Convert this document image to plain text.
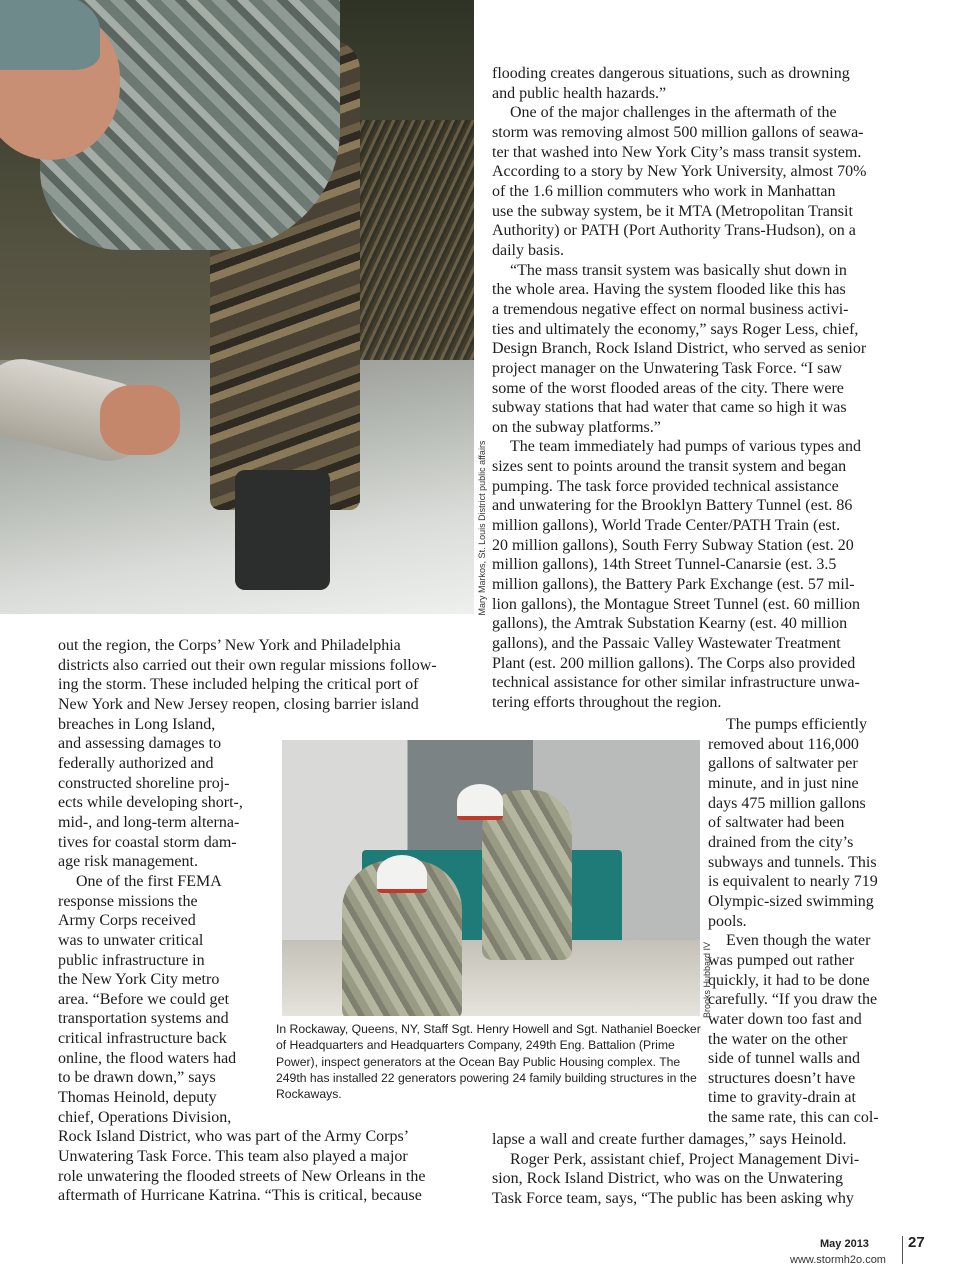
Mary Markos, St. Louis District public affairs
out the region, the Corps’ New York and Philadelphia
districts also carried out their own regular missions follow-
ing the storm. These included helping the critical port of
New York and New Jersey reopen, closing barrier island
breaches in Long Island,
and assessing damages to
federally authorized and
constructed shoreline proj-
ects while developing short-,
mid-, and long-term alterna-
tives for coastal storm dam-
age risk management.
One of the first FEMA
response missions the
Army Corps received
was to unwater critical
public infrastructure in
the New York City metro
area. “Before we could get
transportation systems and
critical infrastructure back
online, the flood waters had
to be drawn down,” says
Thomas Heinold, deputy
chief, Operations Division,
Rock Island District, who was part of the Army Corps’
Unwatering Task Force. This team also played a major
role unwatering the flooded streets of New Orleans in the
aftermath of Hurricane Katrina. “This is critical, because
flooding creates dangerous situations, such as drowning
and public health hazards.”
One of the major challenges in the aftermath of the
storm was removing almost 500 million gallons of seawa-
ter that washed into New York City’s mass transit system.
According to a story by New York University, almost 70%
of the 1.6 million commuters who work in Manhattan
use the subway system, be it MTA (Metropolitan Transit
Authority) or PATH (Port Authority Trans-Hudson), on a
daily basis.
“The mass transit system was basically shut down in
the whole area. Having the system flooded like this has
a tremendous negative effect on normal business activi-
ties and ultimately the economy,” says Roger Less, chief,
Design Branch, Rock Island District, who served as senior
project manager on the Unwatering Task Force. “I saw
some of the worst flooded areas of the city. There were
subway stations that had water that came so high it was
on the subway platforms.”
The team immediately had pumps of various types and
sizes sent to points around the transit system and began
pumping. The task force provided technical assistance
and unwatering for the Brooklyn Battery Tunnel (est. 86
million gallons), World Trade Center/PATH Train (est.
20 million gallons), South Ferry Subway Station (est. 20
million gallons), 14th Street Tunnel-Canarsie (est. 3.5
million gallons), the Battery Park Exchange (est. 57 mil-
lion gallons), the Montague Street Tunnel (est. 60 million
gallons), the Amtrak Substation Kearny (est. 40 million
gallons), and the Passaic Valley Wastewater Treatment
Plant (est. 200 million gallons). The Corps also provided
technical assistance for other similar infrastructure unwa-
tering efforts throughout the region.
The pumps efficiently
removed about 116,000
gallons of saltwater per
minute, and in just nine
days 475 million gallons
of saltwater had been
drained from the city’s
subways and tunnels. This
is equivalent to nearly 719
Olympic-sized swimming
pools.
Even though the water
was pumped out rather
quickly, it had to be done
carefully. “If you draw the
water down too fast and
the water on the other
side of tunnel walls and
structures doesn’t have
time to gravity-drain at
the same rate, this can col-
lapse a wall and create further damages,” says Heinold.
Roger Perk, assistant chief, Project Management Divi-
sion, Rock Island District, who was on the Unwatering
Task Force team, says, “The public has been asking why
Brooks Hubbard IV
In Rockaway, Queens, NY, Staff Sgt. Henry Howell and Sgt. Nathaniel Boecker of Headquarters and Headquarters Company, 249th Eng. Battalion (Prime Power), inspect generators at the Ocean Bay Public Housing complex. The 249th has installed 22 generators powering 24 family building structures in the Rockaways.
May 2013	27
www.stormh2o.com
